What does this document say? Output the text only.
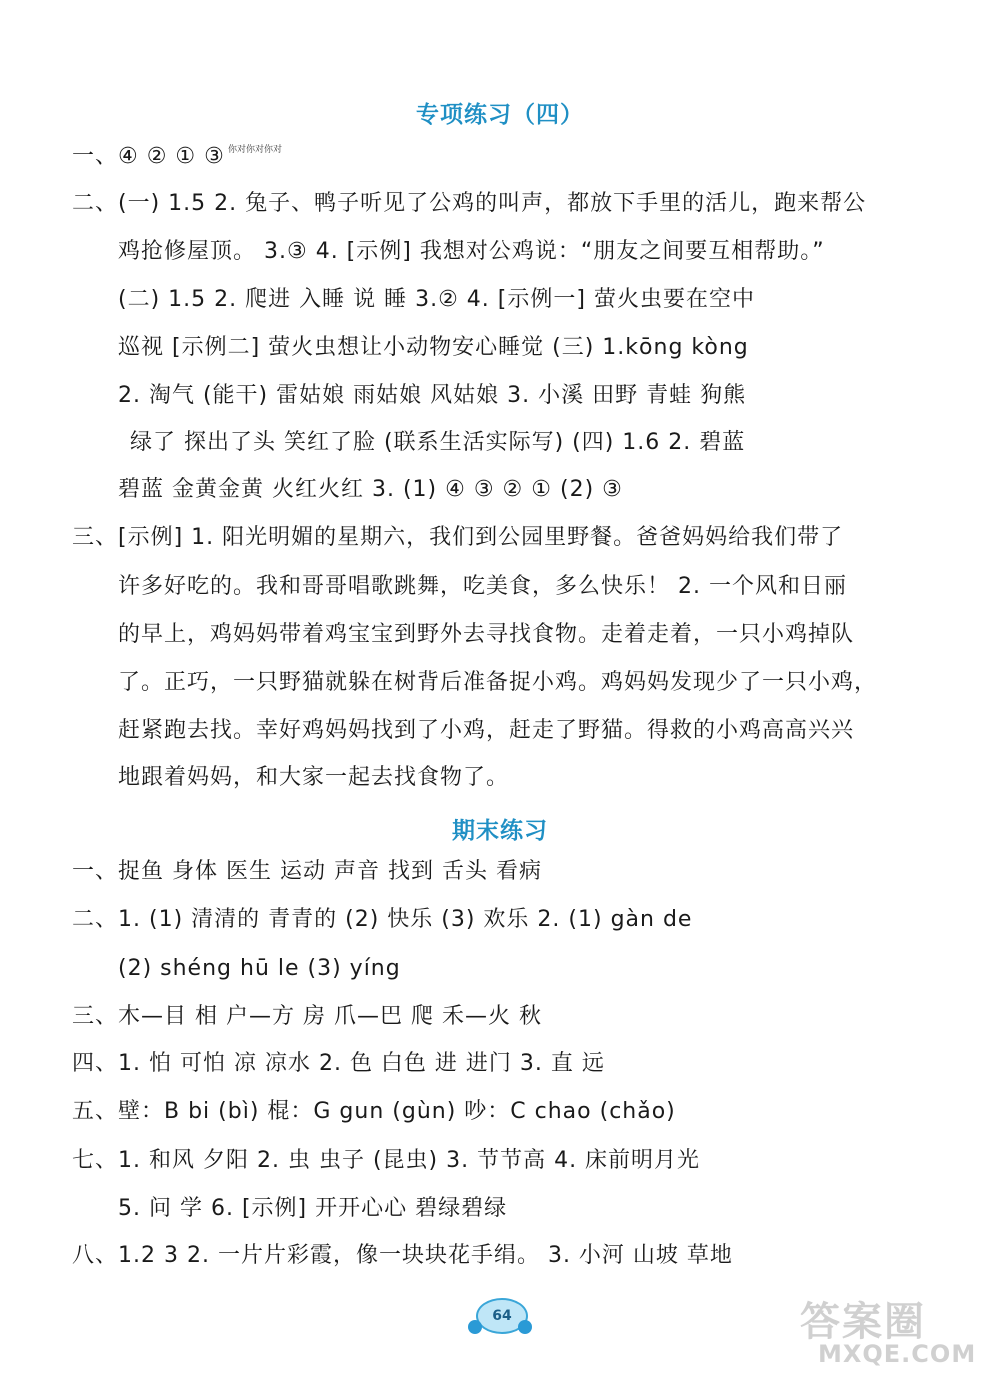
专项练习（四）
你对你对你对
一、④ ② ① ③
二、(一) 1.5 2. 兔子、鸭子听见了公鸡的叫声，都放下手里的活儿，跑来帮公
鸡抢修屋顶。 3.③ 4. [示例] 我想对公鸡说：“朋友之间要互相帮助。”
(二) 1.5 2. 爬进 入睡 说 睡 3.② 4. [示例一] 萤火虫要在空中
巡视 [示例二] 萤火虫想让小动物安心睡觉 (三) 1.kōng kòng
2. 淘气 (能干) 雷姑娘 雨姑娘 风姑娘 3. 小溪 田野 青蛙 狗熊
绿了 探出了头 笑红了脸 (联系生活实际写) (四) 1.6 2. 碧蓝
碧蓝 金黄金黄 火红火红 3. (1) ④ ③ ② ① (2) ③
三、[示例] 1. 阳光明媚的星期六，我们到公园里野餐。爸爸妈妈给我们带了
许多好吃的。我和哥哥唱歌跳舞，吃美食，多么快乐！ 2. 一个风和日丽
的早上，鸡妈妈带着鸡宝宝到野外去寻找食物。走着走着，一只小鸡掉队
了。正巧，一只野猫就躲在树背后准备捉小鸡。鸡妈妈发现少了一只小鸡，
赶紧跑去找。幸好鸡妈妈找到了小鸡，赶走了野猫。得救的小鸡高高兴兴
地跟着妈妈，和大家一起去找食物了。
期末练习
一、捉鱼 身体 医生 运动 声音 找到 舌头 看病
二、1. (1) 清清的 青青的 (2) 快乐 (3) 欢乐 2. (1) gàn de
(2) shéng hū le (3) yíng
三、木—目 相 户—方 房 爪—巴 爬 禾—火 秋
四、1. 怕 可怕 凉 凉水 2. 色 白色 进 进门 3. 直 远
五、壁：B bi (bì) 棍：G gun (gùn) 吵：C chao (chǎo)
七、1. 和风 夕阳 2. 虫 虫子 (昆虫) 3. 节节高 4. 床前明月光
5. 问 学 6. [示例] 开开心心 碧绿碧绿
八、1.2 3 2. 一片片彩霞，像一块块花手绢。 3. 小河 山坡 草地
64	答案圈
MXQE.COM
